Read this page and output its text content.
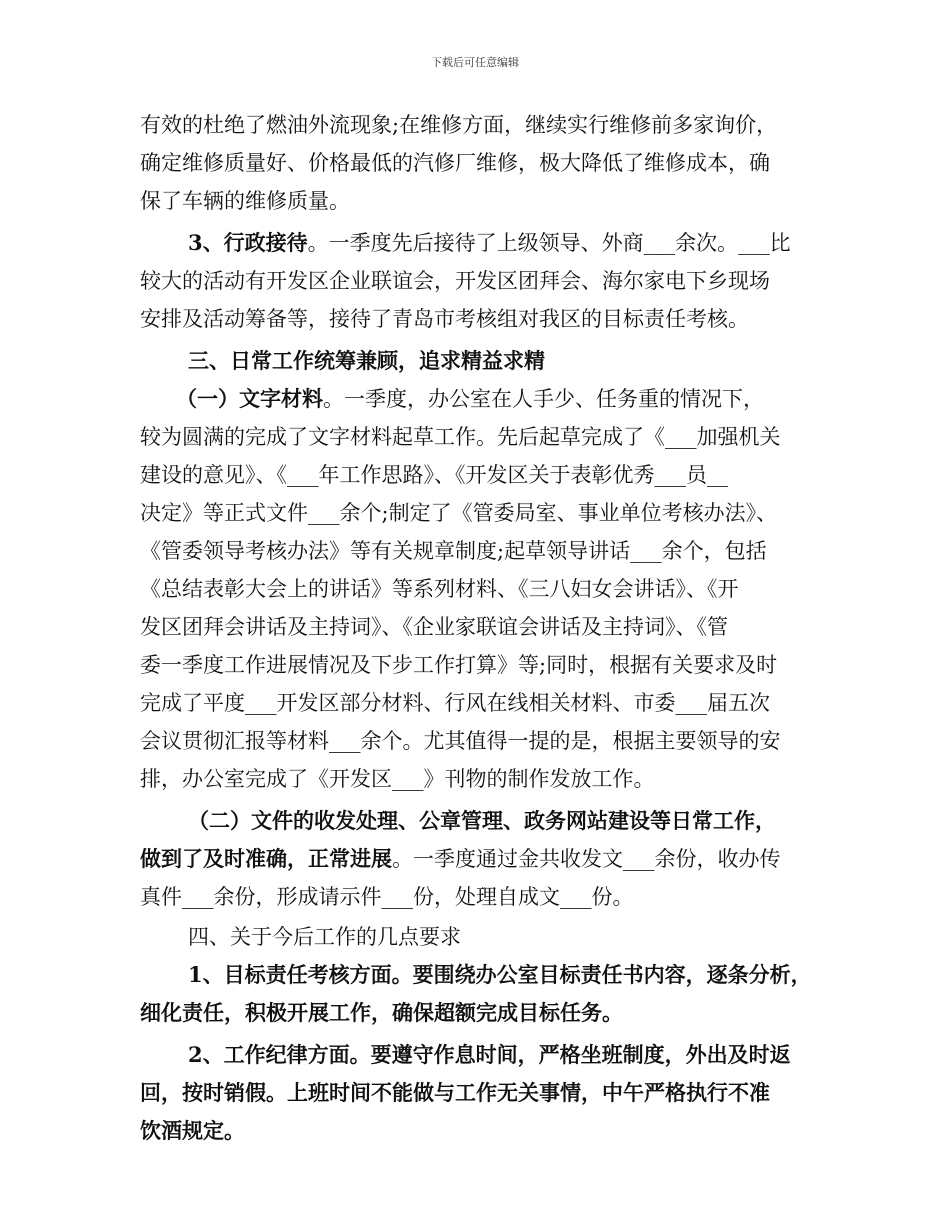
下载后可任意编辑
有效的杜绝了燃油外流现象;在维修方面，继续实行维修前多家询价，
确定维修质量好、价格最低的汽修厂维修，极大降低了维修成本，确
保了车辆的维修质量。
3、行政接待。一季度先后接待了上级领导、外商___余次。___比
较大的活动有开发区企业联谊会，开发区团拜会、海尔家电下乡现场
安排及活动筹备等，接待了青岛市考核组对我区的目标责任考核。
三、日常工作统筹兼顾，追求精益求精
（一）文字材料。一季度，办公室在人手少、任务重的情况下，
较为圆满的完成了文字材料起草工作。先后起草完成了《___加强机关
建设的意见》、《___年工作思路》、《开发区关于表彰优秀___员__
决定》等正式文件___余个;制定了《管委局室、事业单位考核办法》、
《管委领导考核办法》等有关规章制度;起草领导讲话___余个，包括
《总结表彰大会上的讲话》等系列材料、《三八妇女会讲话》、《开
发区团拜会讲话及主持词》、《企业家联谊会讲话及主持词》、《管
委一季度工作进展情况及下步工作打算》等;同时，根据有关要求及时
完成了平度___开发区部分材料、行风在线相关材料、市委___届五次
会议贯彻汇报等材料___余个。尤其值得一提的是，根据主要领导的安
排，办公室完成了《开发区___》刊物的制作发放工作。
（二）文件的收发处理、公章管理、政务网站建设等日常工作，
做到了及时准确，正常进展。一季度通过金共收发文___余份，收办传
真件___余份，形成请示件___份，处理自成文___份。
四、关于今后工作的几点要求
1、目标责任考核方面。要围绕办公室目标责任书内容，逐条分析，
细化责任，积极开展工作，确保超额完成目标任务。
2、工作纪律方面。要遵守作息时间，严格坐班制度，外出及时返
回，按时销假。上班时间不能做与工作无关事情，中午严格执行不准
饮酒规定。
